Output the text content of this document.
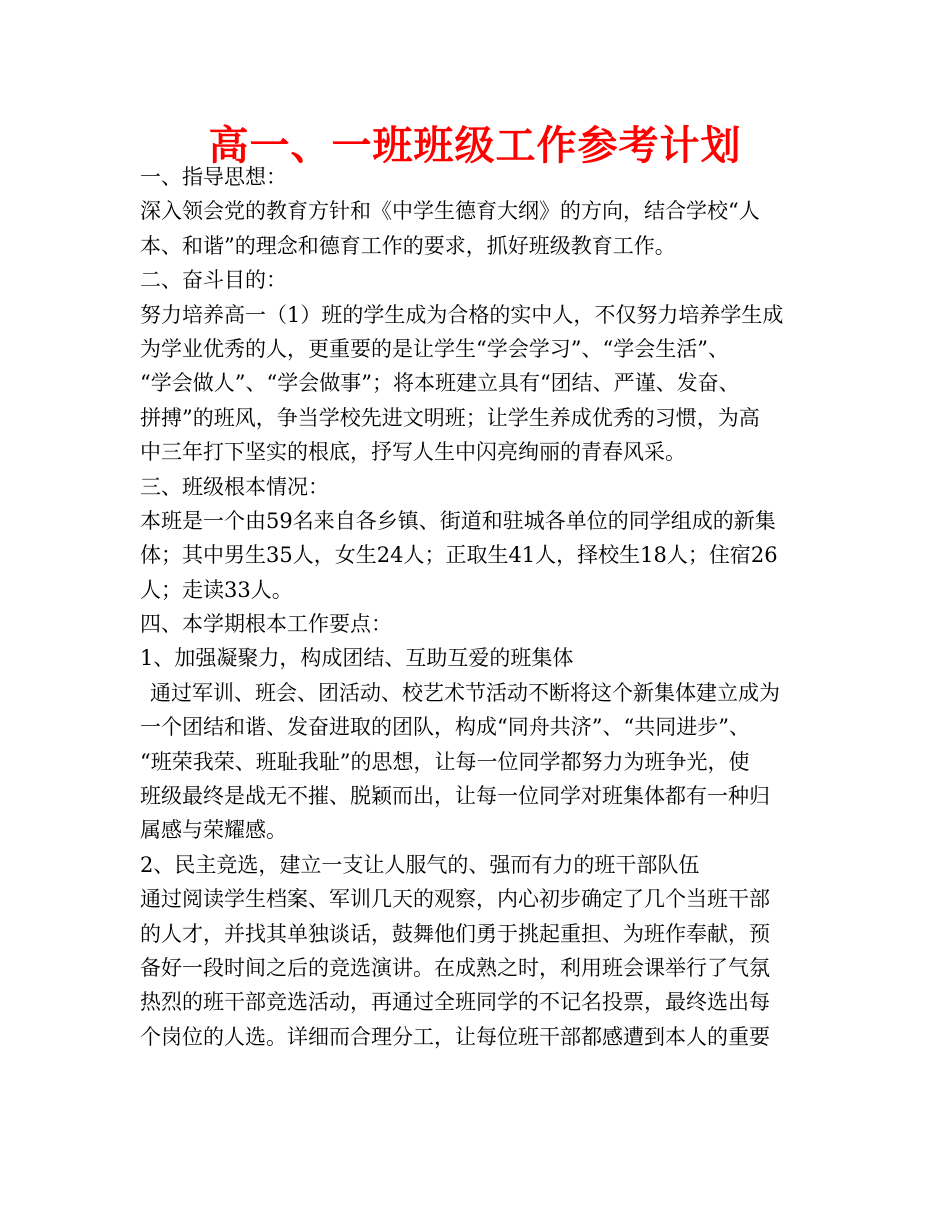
高一、一班班级工作参考计划
一、指导思想：
深入领会党的教育方针和《中学生德育大纲》的方向，结合学校“人
本、和谐”的理念和德育工作的要求，抓好班级教育工作。
二、奋斗目的：
努力培养高一（1）班的学生成为合格的实中人，不仅努力培养学生成
为学业优秀的人，更重要的是让学生“学会学习”、“学会生活”、
“学会做人”、“学会做事”；将本班建立具有“团结、严谨、发奋、
拼搏”的班风，争当学校先进文明班；让学生养成优秀的习惯，为高
中三年打下坚实的根底，抒写人生中闪亮绚丽的青春风采。
三、班级根本情况：
本班是一个由59名来自各乡镇、街道和驻城各单位的同学组成的新集
体；其中男生35人，女生24人；正取生41人，择校生18人；住宿26
人；走读33人。
四、本学期根本工作要点：
1、加强凝聚力，构成团结、互助互爱的班集体
通过军训、班会、团活动、校艺术节活动不断将这个新集体建立成为
一个团结和谐、发奋进取的团队，构成“同舟共济”、“共同进步”、
“班荣我荣、班耻我耻”的思想，让每一位同学都努力为班争光，使
班级最终是战无不摧、脱颖而出，让每一位同学对班集体都有一种归
属感与荣耀感。
2、民主竞选，建立一支让人服气的、强而有力的班干部队伍
通过阅读学生档案、军训几天的观察，内心初步确定了几个当班干部
的人才，并找其单独谈话，鼓舞他们勇于挑起重担、为班作奉献，预
备好一段时间之后的竞选演讲。在成熟之时，利用班会课举行了气氛
热烈的班干部竞选活动，再通过全班同学的不记名投票，最终选出每
个岗位的人选。详细而合理分工，让每位班干部都感遭到本人的重要
